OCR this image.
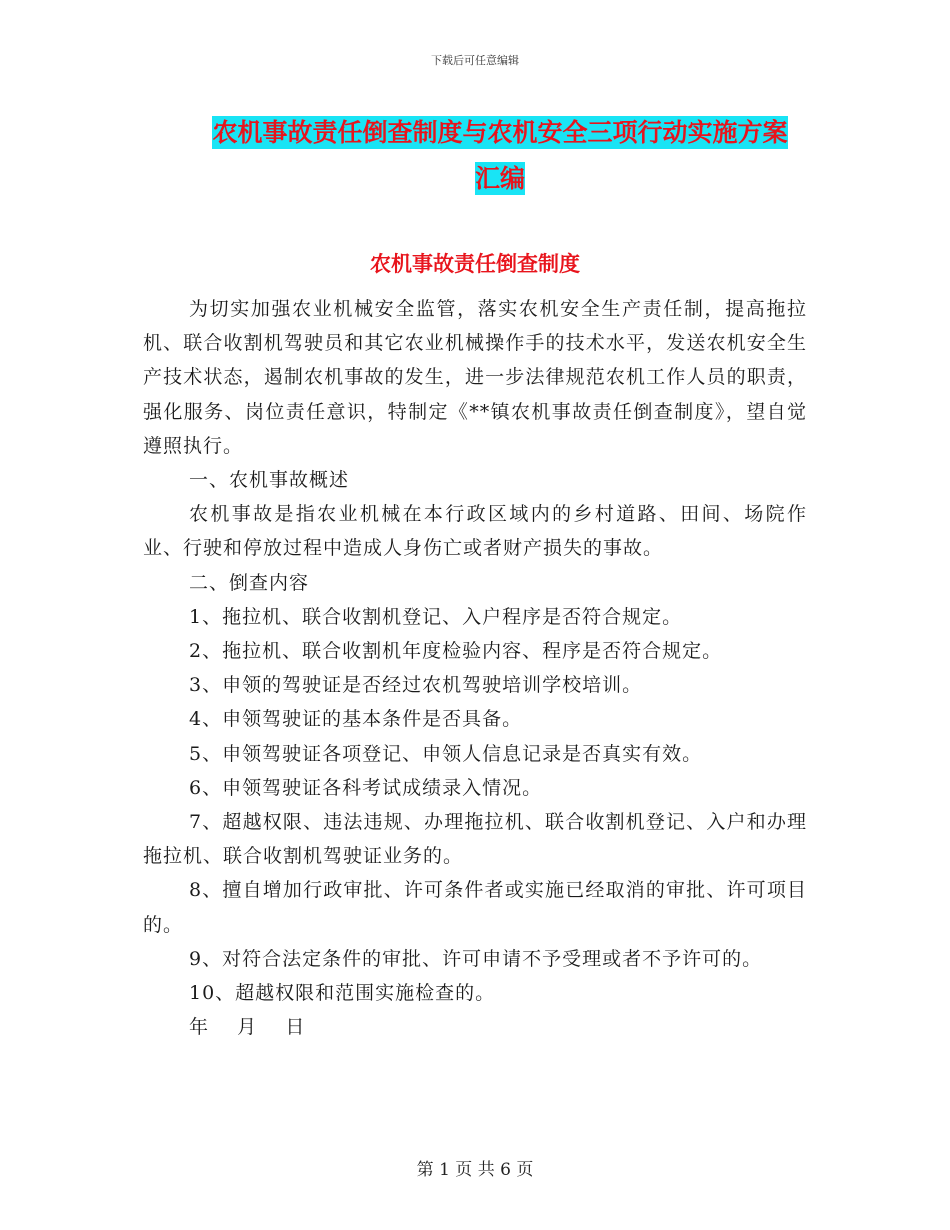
下载后可任意编辑
农机事故责任倒查制度与农机安全三项行动实施方案
汇编
农机事故责任倒查制度

为切实加强农业机械安全监管，落实农机安全生产责任制，提高拖拉机、联合收割机驾驶员和其它农业机械操作手的技术水平，发送农机安全生产技术状态，遏制农机事故的发生，进一步法律规范农机工作人员的职责，强化服务、岗位责任意识，特制定《**镇农机事故责任倒查制度》，望自觉遵照执行。

一、农机事故概述

农机事故是指农业机械在本行政区域内的乡村道路、田间、场院作业、行驶和停放过程中造成人身伤亡或者财产损失的事故。

二、倒查内容

1、拖拉机、联合收割机登记、入户程序是否符合规定。

2、拖拉机、联合收割机年度检验内容、程序是否符合规定。

3、申领的驾驶证是否经过农机驾驶培训学校培训。

4、申领驾驶证的基本条件是否具备。

5、申领驾驶证各项登记、申领人信息记录是否真实有效。

6、申领驾驶证各科考试成绩录入情况。

7、超越权限、违法违规、办理拖拉机、联合收割机登记、入户和办理拖拉机、联合收割机驾驶证业务的。

8、擅自增加行政审批、许可条件者或实施已经取消的审批、许可项目的。

9、对符合法定条件的审批、许可申请不予受理或者不予许可的。

10、超越权限和范围实施检查的。

年    月    日

第 1 页 共 6 页
